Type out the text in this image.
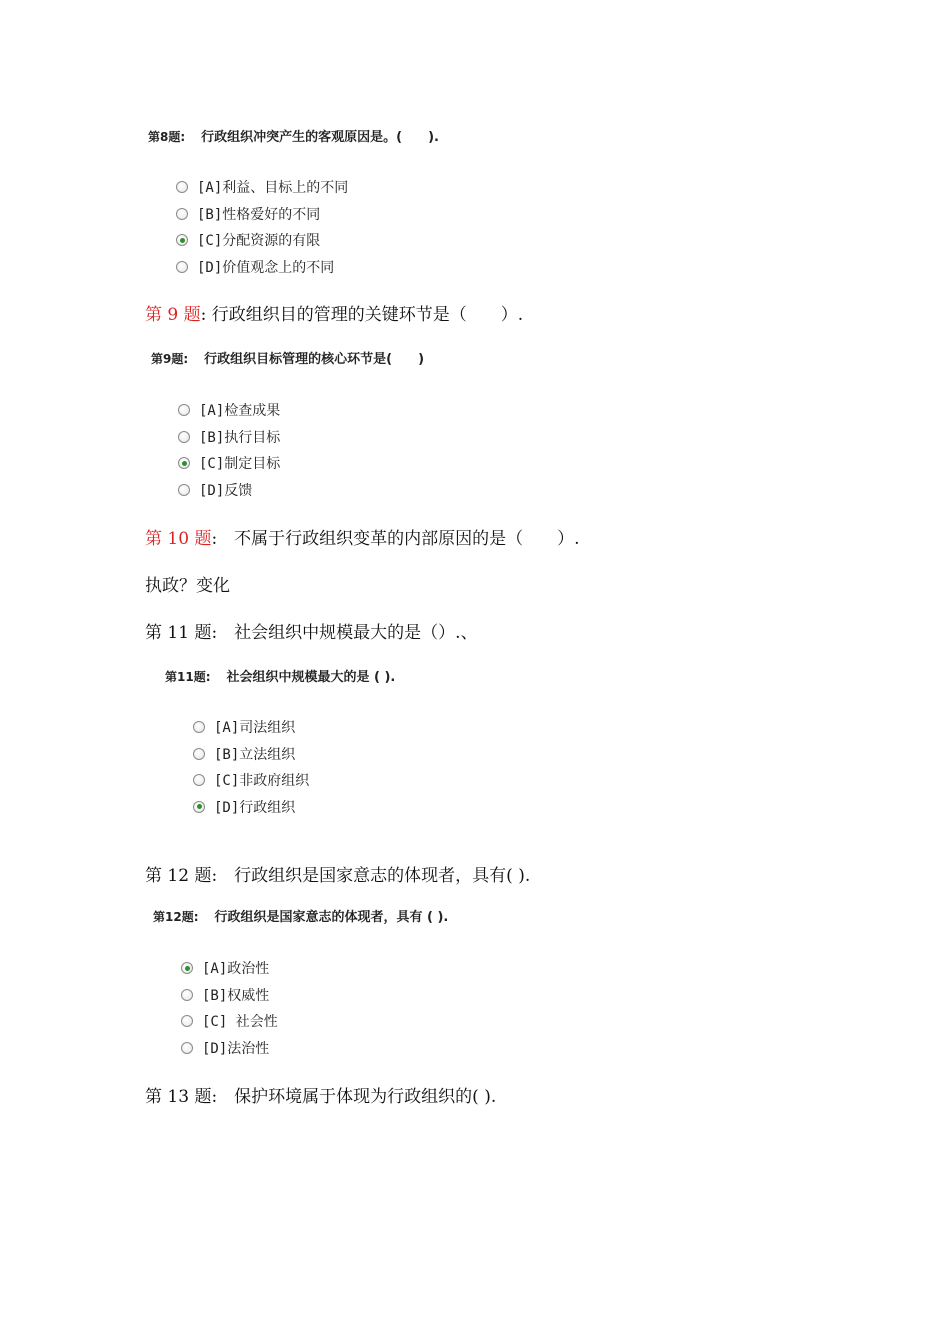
第8题: 行政组织冲突产生的客观原因是。(　　).
[A]利益、目标上的不同
[B]性格爱好的不同
[C]分配资源的有限
[D]价值观念上的不同
第 9 题: 行政组织目的管理的关键环节是（　　）.
第9题: 行政组织目标管理的核心环节是(　　)
[A]检查成果
[B]执行目标
[C]制定目标
[D]反馈
第 10 题:　不属于行政组织变革的内部原因的是（　　）.
执政？变化
第 11 题:　社会组织中规模最大的是（）.、
第11题: 社会组织中规模最大的是 ( ).
[A]司法组织
[B]立法组织
[C]非政府组织
[D]行政组织
第 12 题:　行政组织是国家意志的体现者，具有( ).
第12题: 行政组织是国家意志的体现者，具有 ( ).
[A]政治性
[B]权威性
[C] 社会性
[D]法治性
第 13 题:　保护环境属于体现为行政组织的( ).
